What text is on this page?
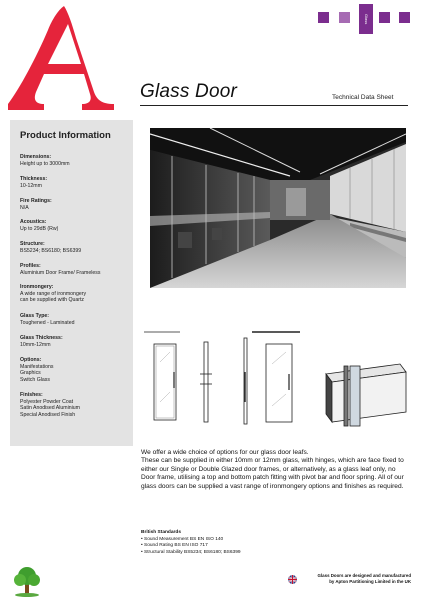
Glass
Glass Door	Technical Data Sheet
Product Information
Dimensions:
Height up to 3000mm
Thickness:
10-12mm
Fire Ratings:
N/A
Acoustics:
Up to 29dB (Rw)
Structure:
BS5234; BS6180; BS6399
Profiles:
Aluminium Door Frame/ Frameless
Ironmongery:
A wide range of ironmongery
can be supplied with Quartz
Glass Type:
Toughened - Laminated
Glass Thickness:
10mm-12mm
Options:
Manifestations
Graphics
Switch Glass
Finishes:
Polyester Powder Coat
Satin Anodised Aluminium
Special Anodised Finish

We offer a wide choice of options for our glass door leafs.

These can be supplied in either 10mm or 12mm glass, with hinges, which are face fixed to either our Single or Double Glazed door frames, or alternatively, as a glass leaf only, no Door frame, utilising a top and bottom patch fitting with pivot bar and floor spring. All of our glass doors can be supplied a vast range of ironmongery options and finishes as required.

British Standards
• Sound Measurement BS EN ISO 140
• Sound Rating BS EN ISO 717
• Structural Stability BS5234; BS6180; BS6399
Glass Doors are designed and manufactured
by Apton Partitioning Limited in the UK
